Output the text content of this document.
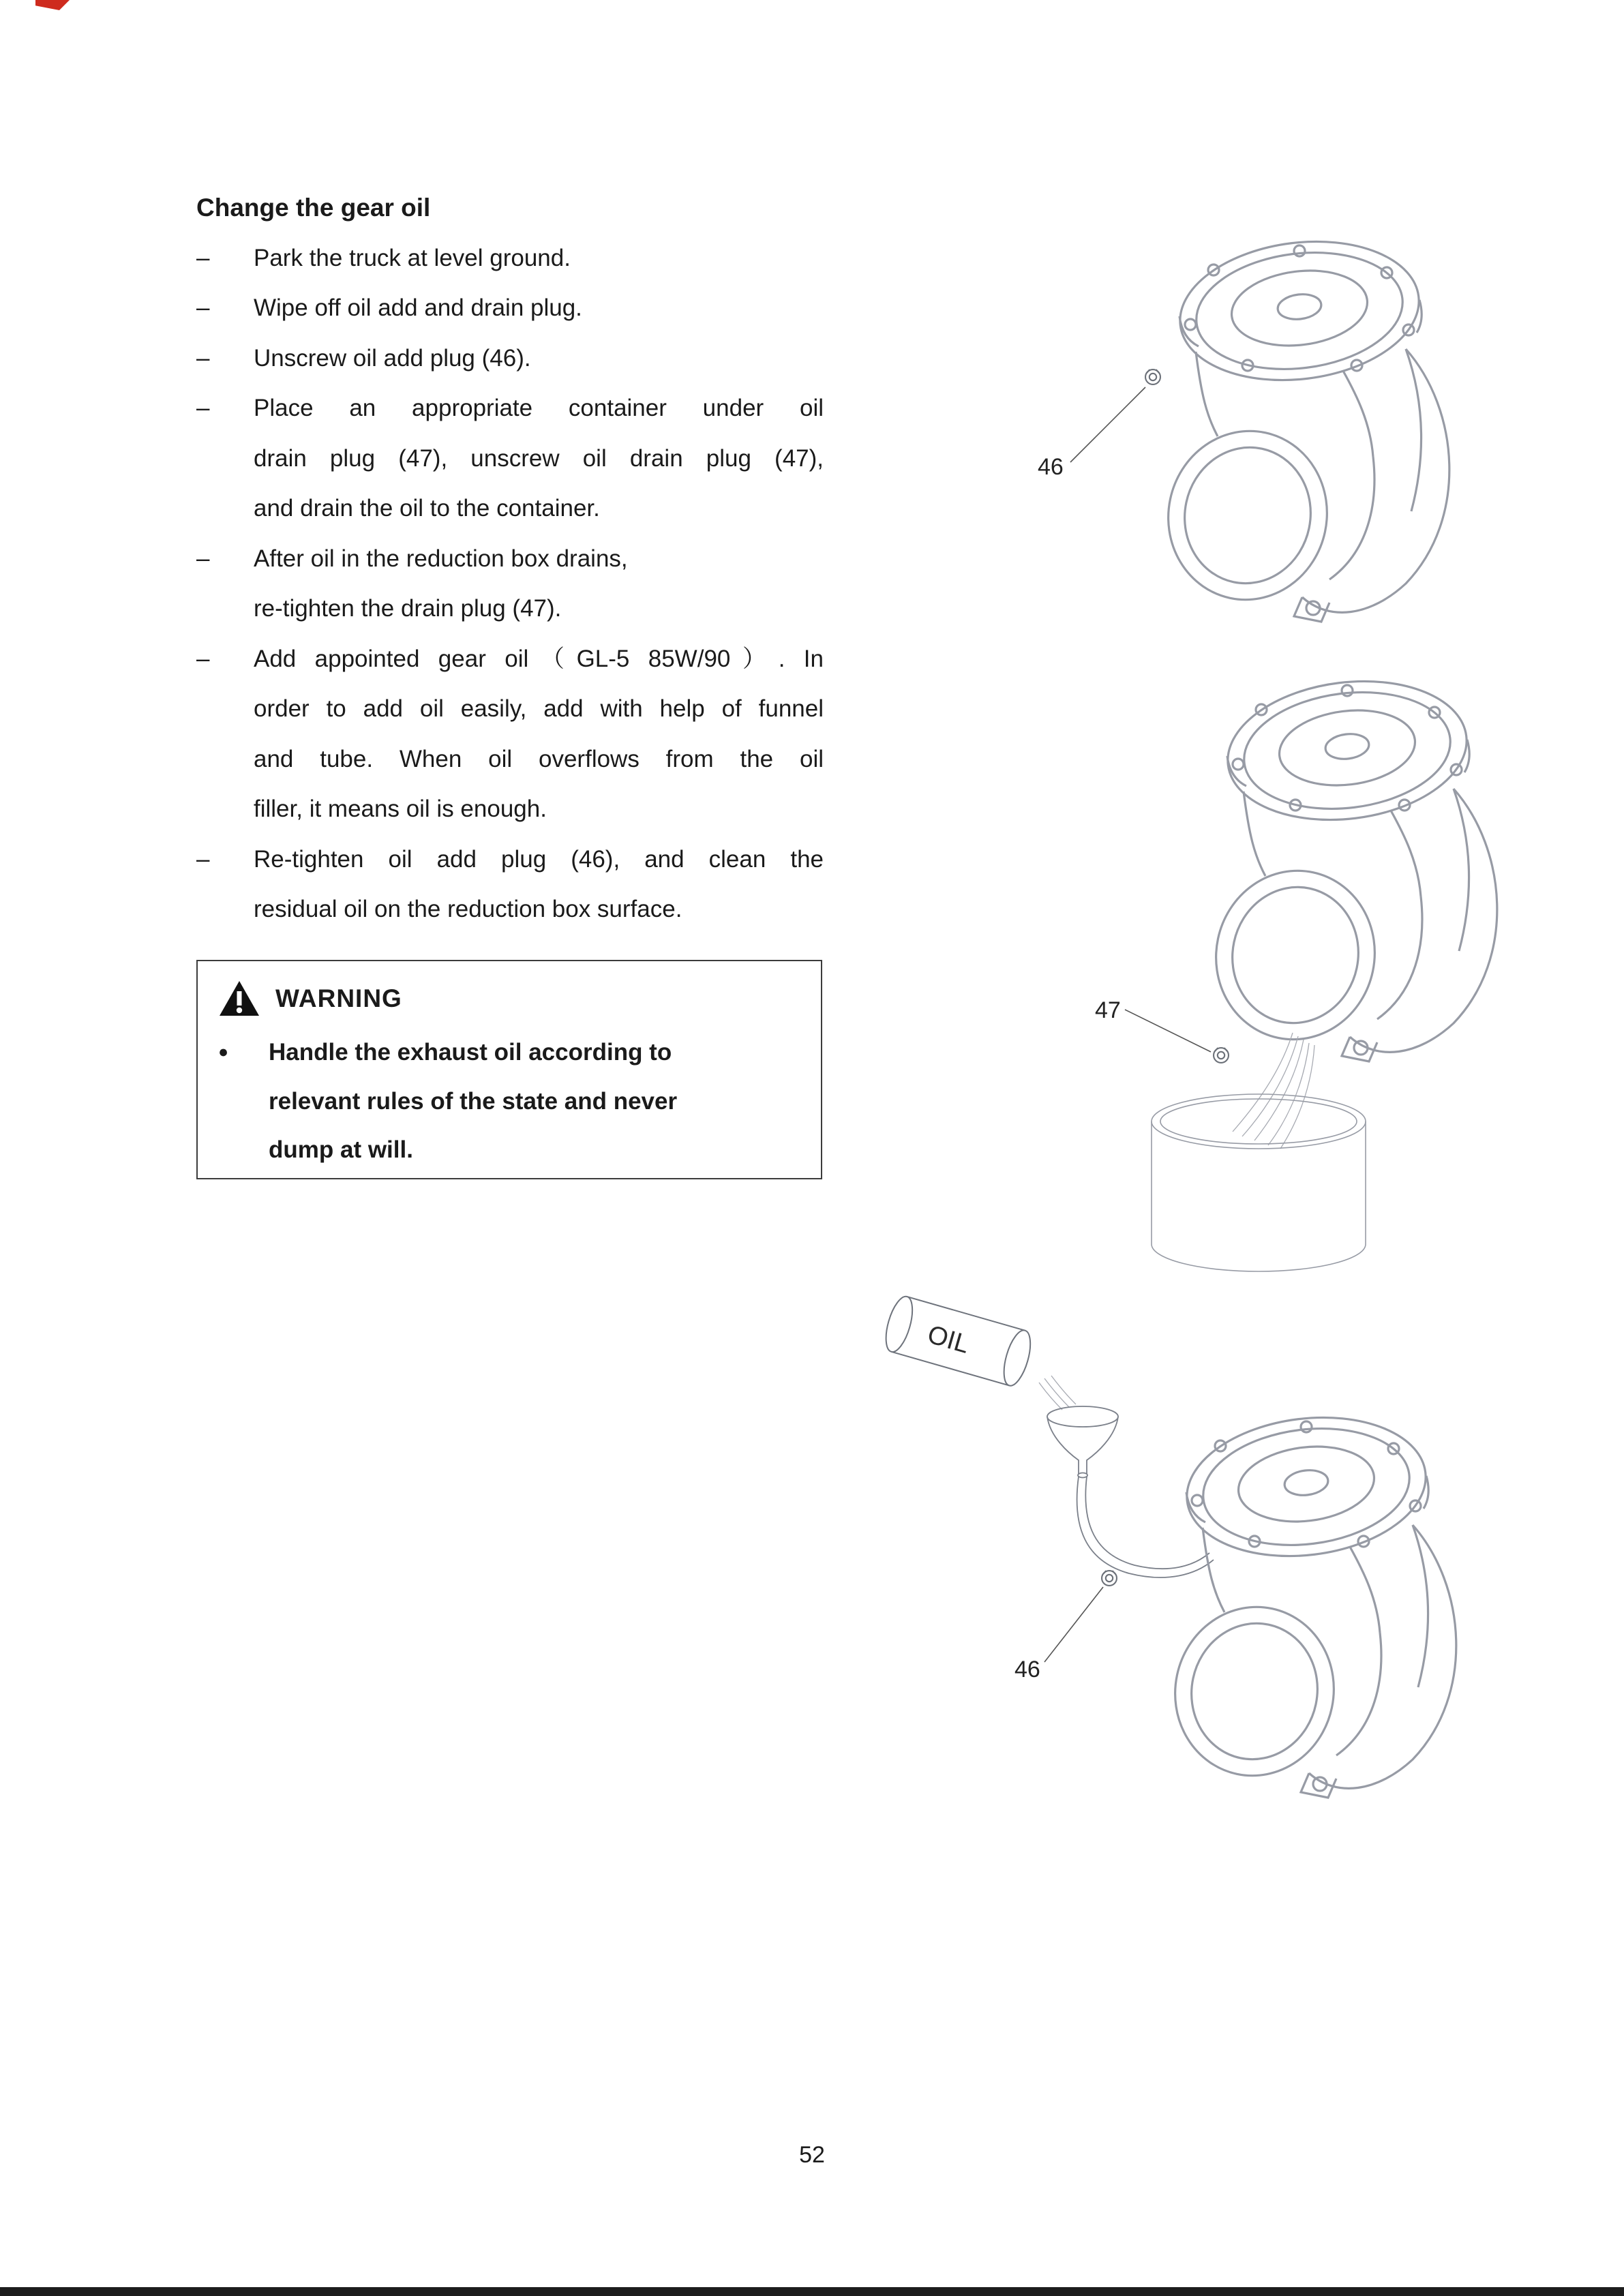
Change the gear oil
–	Park the truck at level ground.
–	Wipe off oil add and drain plug.
–	Unscrew oil add plug (46).
–	Place an appropriate container under oil
drain plug (47), unscrew oil drain plug (47),
and drain the oil to the container.
–	After oil in the reduction box drains,
re-tighten the drain plug (47).
–	Add appointed gear oil（GL-5 85W/90）. In
order to add oil easily, add with help of funnel
and tube. When oil overflows from the oil
filler, it means oil is enough.
–	Re-tighten oil add plug (46), and clean the
residual oil on the reduction box surface.
WARNING
●	Handle the exhaust oil according to
relevant rules of the state and never
dump at will.
46
47
OIL
46
52
